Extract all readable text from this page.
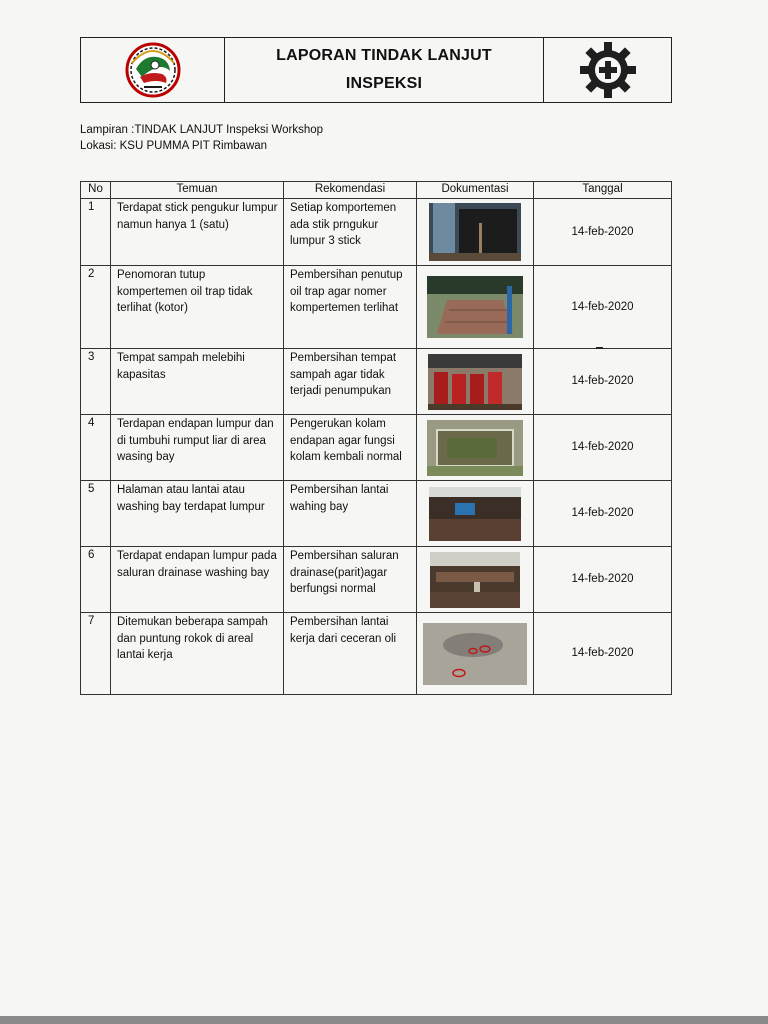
LAPORAN TINDAK LANJUT
INSPEKSI
Lampiran :TINDAK LANJUT Inspeksi Workshop
Lokasi: KSU PUMMA PIT Rimbawan
No	Temuan	Rekomendasi	Dokumentasi	Tanggal
1	Terdapat stick pengukur lumpur namun hanya 1 (satu)	Setiap komportemen ada stik prngukur lumpur 3 stick		14-feb-2020
2	Penomoran tutup kompertemen oil trap tidak terlihat (kotor)	Pembersihan penutup oil trap agar nomer kompertemen terlihat		14-feb-2020
3	Tempat sampah melebihi kapasitas	Pembersihan tempat sampah agar tidak terjadi penumpukan		14-feb-2020
4	Terdapan endapan lumpur dan di tumbuhi rumput liar di area wasing bay	Pengerukan kolam endapan agar fungsi kolam kembali normal		14-feb-2020
5	Halaman atau lantai atau washing bay terdapat lumpur	Pembersihan lantai wahing bay		14-feb-2020
6	Terdapat endapan lumpur pada saluran drainase washing bay	Pembersihan saluran drainase(parit)agar berfungsi normal		14-feb-2020
7	Ditemukan beberapa sampah dan puntung rokok di areal lantai kerja	Pembersihan lantai kerja dari ceceran oli		14-feb-2020
